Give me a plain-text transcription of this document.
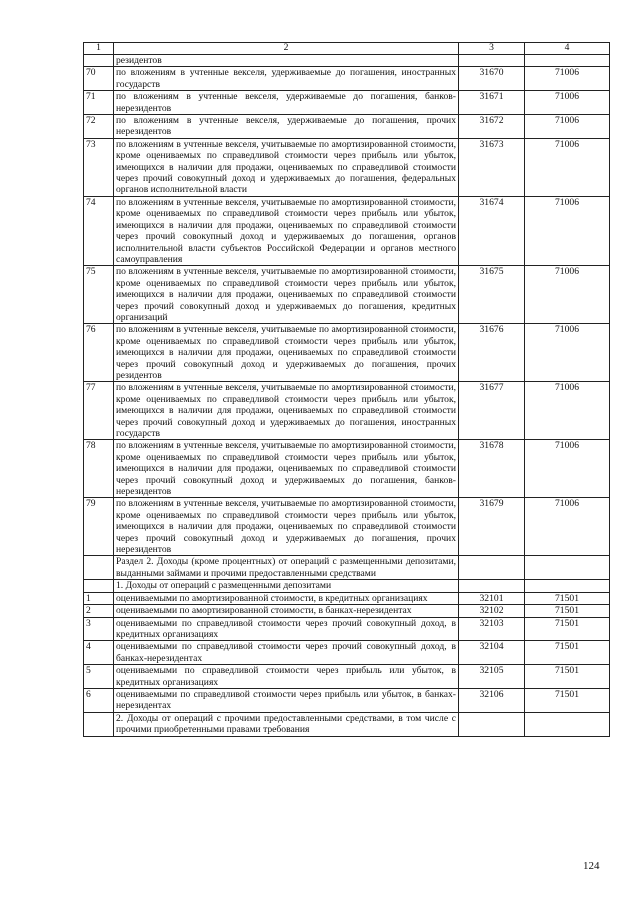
1	2	3	4
	резидентов		
70	по вложениям в учтенные векселя, удерживаемые до погашения, иностранных государств	31670	71006
71	по вложениям в учтенные векселя, удерживаемые до погашения, банков-нерезидентов	31671	71006
72	по вложениям в учтенные векселя, удерживаемые до погашения, прочих нерезидентов	31672	71006
73	по вложениям в учтенные векселя, учитываемые по амортизированной стоимости, кроме оцениваемых по справедливой стоимости через прибыль или убыток, имеющихся в наличии для продажи, оцениваемых по справедливой стоимости через прочий совокупный доход и удерживаемых до погашения, федеральных органов исполнительной власти	31673	71006
74	по вложениям в учтенные векселя, учитываемые по амортизированной стоимости, кроме оцениваемых по справедливой стоимости через прибыль или убыток, имеющихся в наличии для продажи, оцениваемых по справедливой стоимости через прочий совокупный доход и удерживаемых до погашения, органов исполнительной власти субъектов Российской Федерации и органов местного самоуправления	31674	71006
75	по вложениям в учтенные векселя, учитываемые по амортизированной стоимости, кроме оцениваемых по справедливой стоимости через прибыль или убыток, имеющихся в наличии для продажи, оцениваемых по справедливой стоимости через прочий совокупный доход и удерживаемых до погашения, кредитных организаций	31675	71006
76	по вложениям в учтенные векселя, учитываемые по амортизированной стоимости, кроме оцениваемых по справедливой стоимости через прибыль или убыток, имеющихся в наличии для продажи, оцениваемых по справедливой стоимости через прочий совокупный доход и удерживаемых до погашения, прочих резидентов	31676	71006
77	по вложениям в учтенные векселя, учитываемые по амортизированной стоимости, кроме оцениваемых по справедливой стоимости через прибыль или убыток, имеющихся в наличии для продажи, оцениваемых по справедливой стоимости через прочий совокупный доход и удерживаемых до погашения, иностранных государств	31677	71006
78	по вложениям в учтенные векселя, учитываемые по амортизированной стоимости, кроме оцениваемых по справедливой стоимости через прибыль или убыток, имеющихся в наличии для продажи, оцениваемых по справедливой стоимости через прочий совокупный доход и удерживаемых до погашения, банков-нерезидентов	31678	71006
79	по вложениям в учтенные векселя, учитываемые по амортизированной стоимости, кроме оцениваемых по справедливой стоимости через прибыль или убыток, имеющихся в наличии для продажи, оцениваемых по справедливой стоимости через прочий совокупный доход и удерживаемых до погашения, прочих нерезидентов	31679	71006
	Раздел 2. Доходы (кроме процентных) от операций с размещенными депозитами, выданными займами и прочими предоставленными средствами		
	1. Доходы от операций с размещенными депозитами		
1	оцениваемыми по амортизированной стоимости, в кредитных организациях	32101	71501
2	оцениваемыми по амортизированной стоимости, в банках-нерезидентах	32102	71501
3	оцениваемыми по справедливой стоимости через прочий совокупный доход, в кредитных организациях	32103	71501
4	оцениваемыми по справедливой стоимости через прочий совокупный доход, в банках-нерезидентах	32104	71501
5	оцениваемыми по справедливой стоимости через прибыль или убыток, в кредитных организациях	32105	71501
6	оцениваемыми по справедливой стоимости через прибыль или убыток, в банках-нерезидентах	32106	71501
	2. Доходы от операций с прочими предоставленными средствами, в том числе с прочими приобретенными правами требования		
124
